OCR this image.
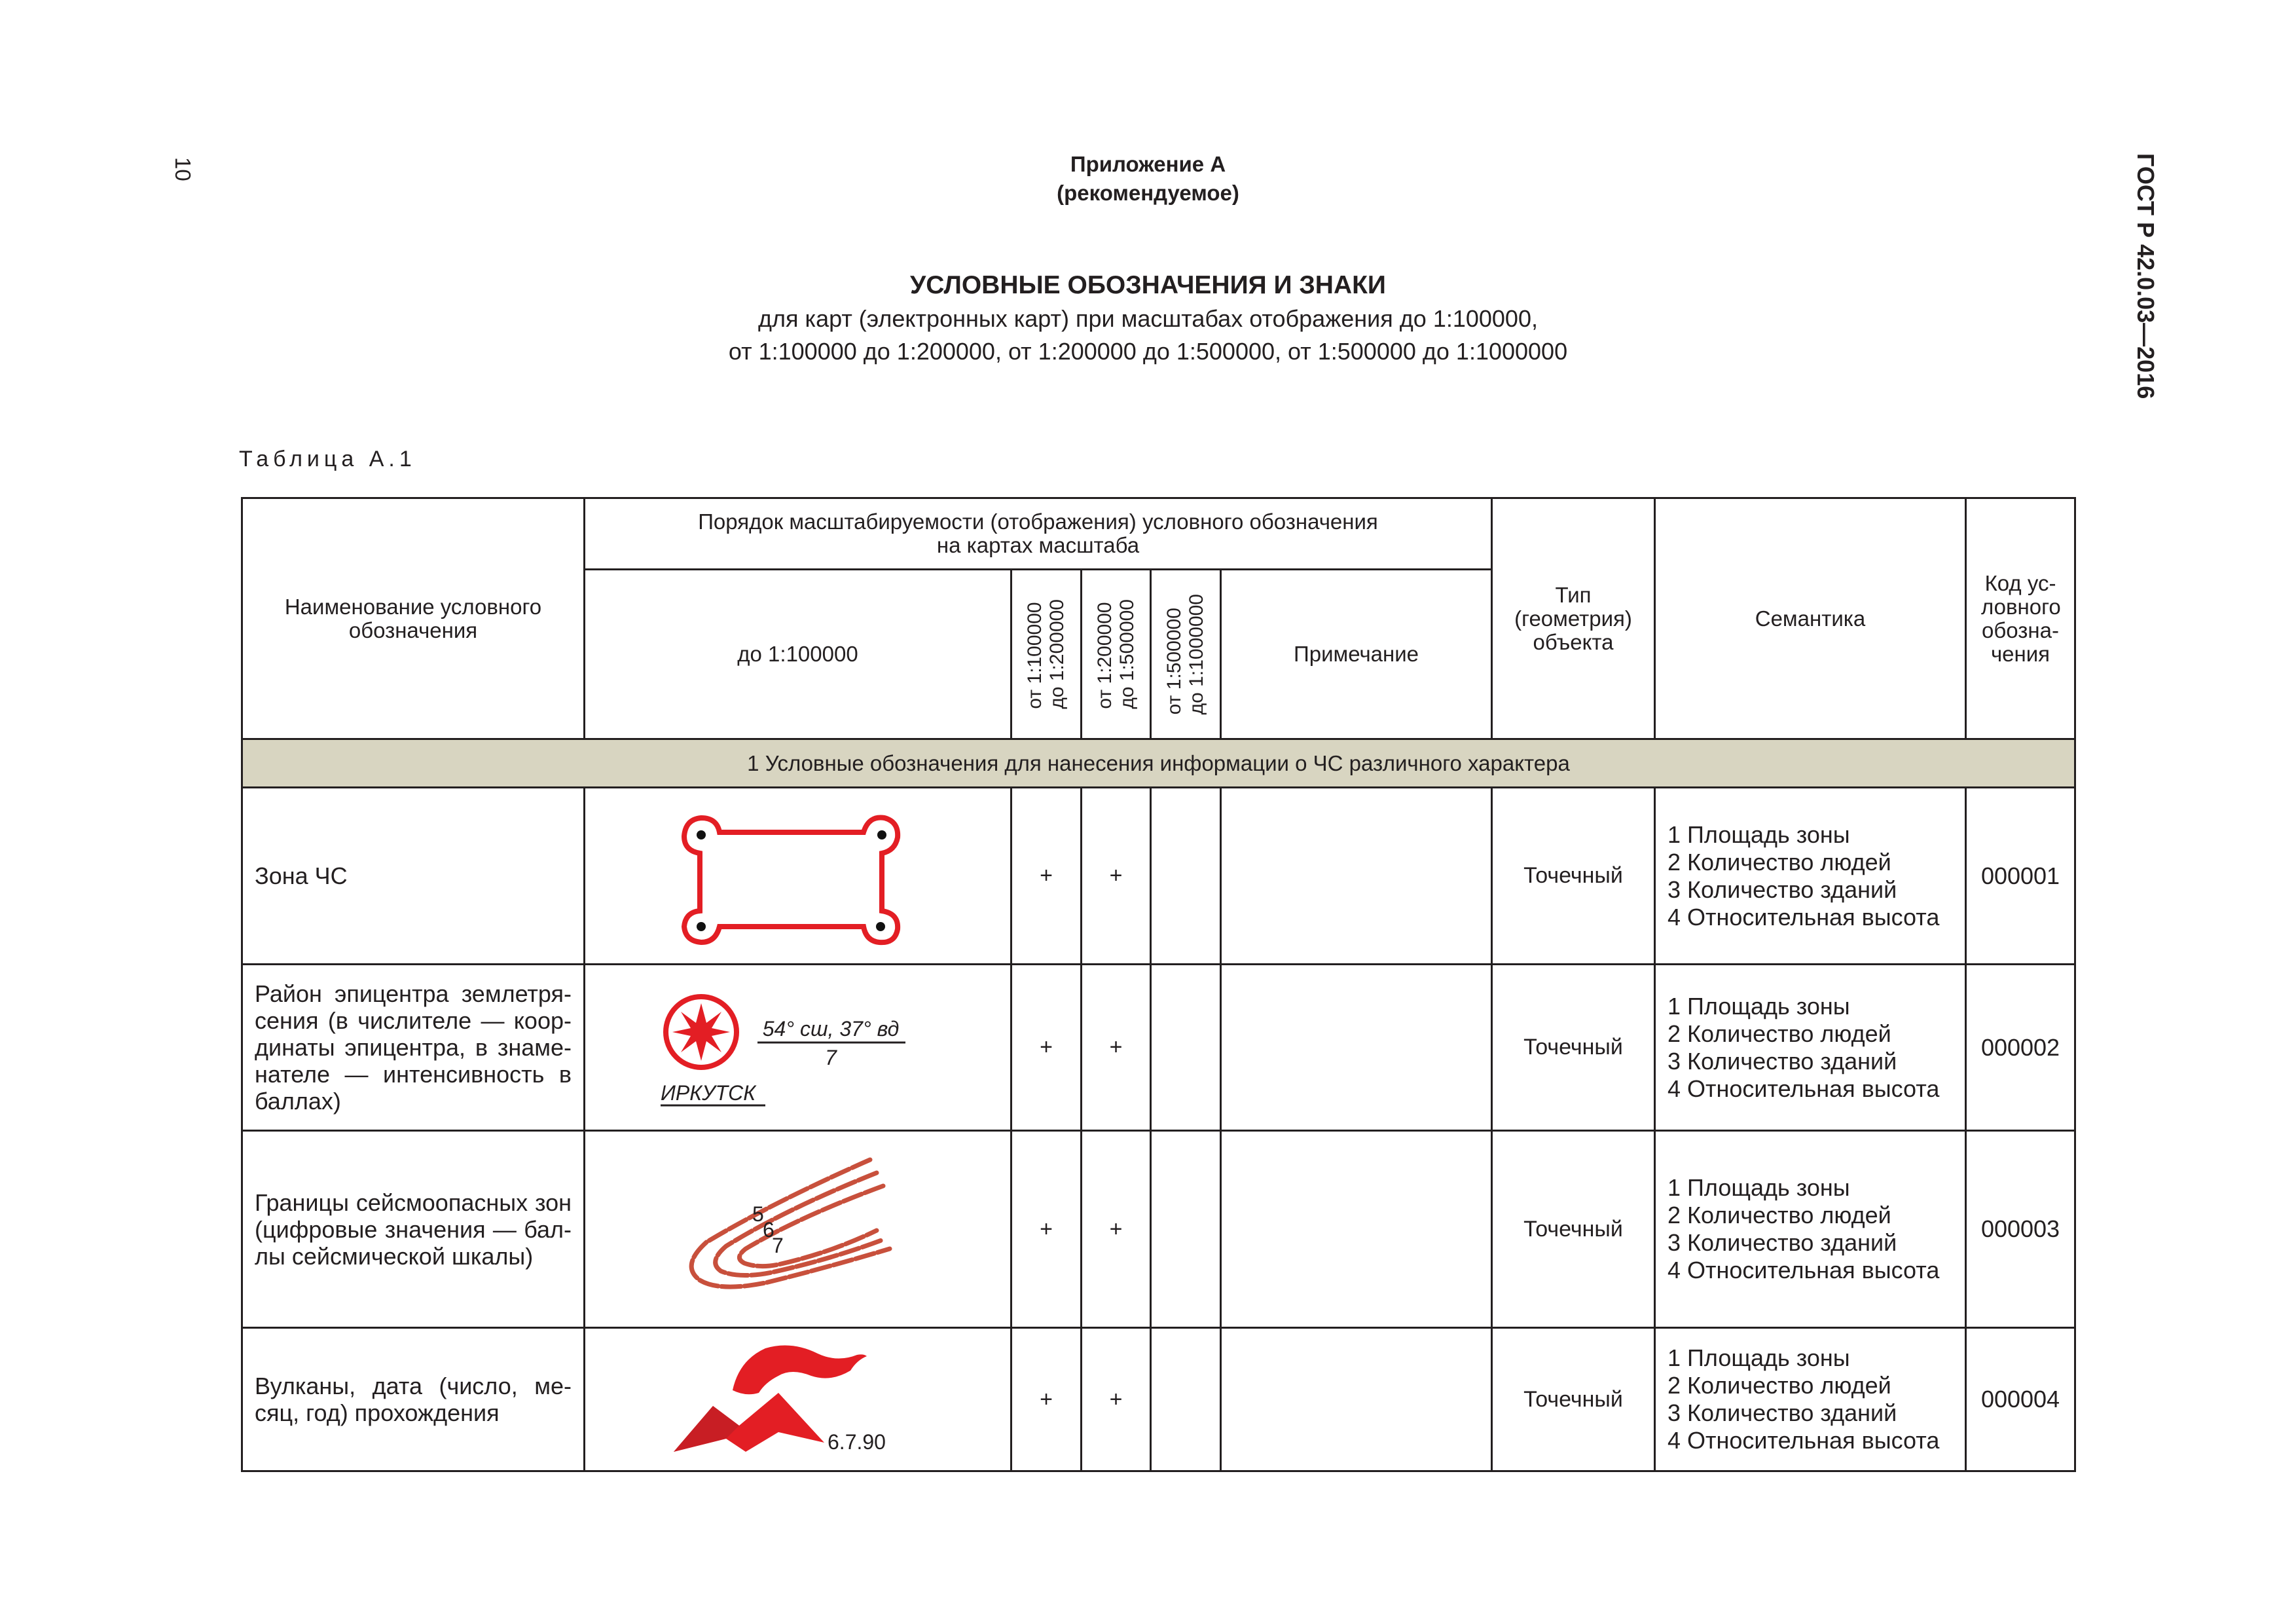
10	ГОСТ Р 42.0.03—2016
Приложение А
(рекомендуемое)
УСЛОВНЫЕ ОБОЗНАЧЕНИЯ И ЗНАКИ
для карт (электронных карт) при масштабах отображения до 1:100000,
от 1:100000 до 1:200000, от 1:200000 до 1:500000, от 1:500000 до 1:1000000
Таблица А.1
Наименование условного обозначения	Порядок масштабируемости (отображения) условного обозначения на картах масштаба					Тип (геометрия) объекта	Семантика	Код ус-ловного обозна-чения

	до 1:100000	от 1:100000 до 1:200000	от 1:200000 до 1:500000	от 1:500000 до 1:1000000	Примечание			
1 Условные обозначения для нанесения информации о ЧС различного характера								
Зона ЧС		+	+			Точечный	1 Площадь зоны
2 Количество людей
3 Количество зданий
4 Относительная высота	000001
Район эпицентра землетря-сения (в числителе — коор-динаты эпицентра, в знаме-нателе — интенсивность в баллах)	54° сш, 37° вд
7
ИРКУТСК	+	+			Точечный	1 Площадь зоны
2 Количество людей
3 Количество зданий
4 Относительная высота	000002
Границы сейсмоопасных зон (цифровые значения — бал-лы сейсмической шкалы)	5
6
7	+	+			Точечный	1 Площадь зоны
2 Количество людей
3 Количество зданий
4 Относительная высота	000003
Вулканы, дата (число, ме-сяц, год) прохождения	6.7.90	+	+			Точечный	1 Площадь зоны
2 Количество людей
3 Количество зданий
4 Относительная высота	000004
